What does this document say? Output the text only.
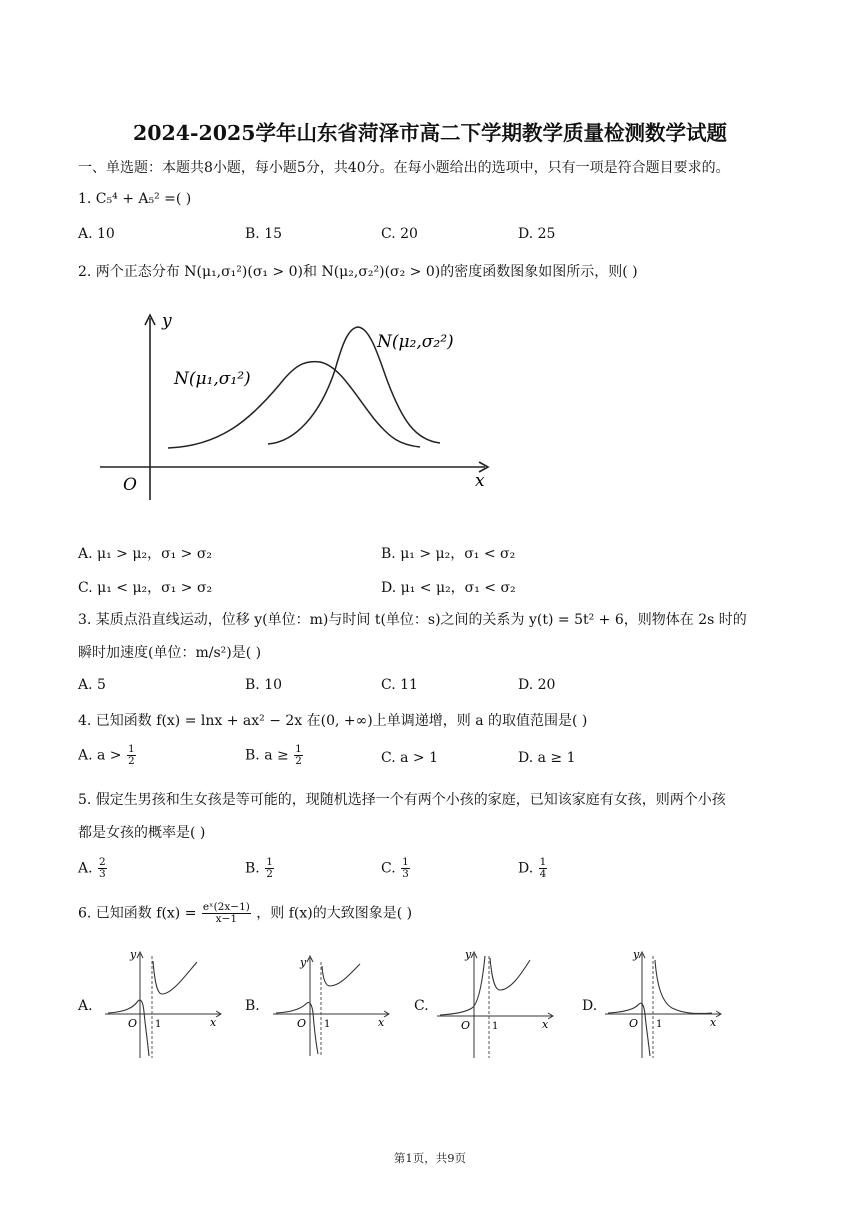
2024-2025学年山东省菏泽市高二下学期教学质量检测数学试题
一、单选题：本题共8小题，每小题5分，共40分。在每小题给出的选项中，只有一项是符合题目要求的。
1. C₅⁴ + A₅² =( )
A. 10	B. 15	C. 20	D. 25
2. 两个正态分布 N(μ₁,σ₁²)(σ₁ > 0)和 N(μ₂,σ₂²)(σ₂ > 0)的密度函数图象如图所示，则( )
y
x
O
N(μ₁,σ₁²)
N(μ₂,σ₂²)
A. μ₁ > μ₂，σ₁ > σ₂	B. μ₁ > μ₂，σ₁ < σ₂
C. μ₁ < μ₂，σ₁ > σ₂	D. μ₁ < μ₂，σ₁ < σ₂
3. 某质点沿直线运动，位移 y(单位：m)与时间 t(单位：s)之间的关系为 y(t) = 5t² + 6，则物体在 2s 时的
瞬时加速度(单位：m/s²)是( )
A. 5	B. 10	C. 11	D. 20
4. 已知函数 f(x) = lnx + ax² − 2x 在(0, +∞)上单调递增，则 a 的取值范围是( )
A. $a > \frac{1}{2}$	B. $a \ge \frac{1}{2}$	C. a > 1	D. a ≥ 1
5. 假定生男孩和生女孩是等可能的，现随机选择一个有两个小孩的家庭，已知该家庭有女孩，则两个小孩
都是女孩的概率是( )
A. $\frac{2}{3}$	B. $\frac{1}{2}$	C. $\frac{1}{3}$	D. $\frac{1}{4}$
6. 已知函数 $f(x) = \frac{\text{eˣ(2x−1)}}{x-1}$ ，则 f(x)的大致图象是( )
A.
y
x
O 1
B.
y
x
O 1
C.
y
x
O 1
D.
y
x
O 1
第1页，共9页
